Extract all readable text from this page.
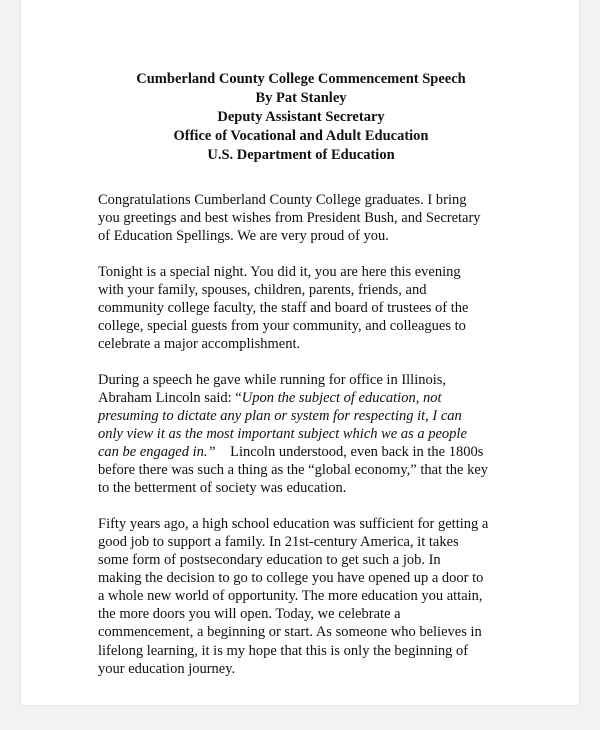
Cumberland County College Commencement Speech
By Pat Stanley
Deputy Assistant Secretary
Office of Vocational and Adult Education
U.S. Department of Education
Congratulations Cumberland County College graduates. I bring
you greetings and best wishes from President Bush, and Secretary
of Education Spellings. We are very proud of you.
Tonight is a special night. You did it, you are here this evening
with your family, spouses, children, parents, friends, and
community college faculty, the staff and board of trustees of the
college, special guests from your community, and colleagues to
celebrate a major accomplishment.
During a speech he gave while running for office in Illinois,
Abraham Lincoln said: “Upon the subject of education, not
presuming to dictate any plan or system for respecting it, I can
only view it as the most important subject which we as a people
can be engaged in.”    Lincoln understood, even back in the 1800s
before there was such a thing as the “global economy,” that the key
to the betterment of society was education.
Fifty years ago, a high school education was sufficient for getting a
good job to support a family. In 21st-century America, it takes
some form of postsecondary education to get such a job. In
making the decision to go to college you have opened up a door to
a whole new world of opportunity. The more education you attain,
the more doors you will open. Today, we celebrate a
commencement, a beginning or start. As someone who believes in
lifelong learning, it is my hope that this is only the beginning of
your education journey.
